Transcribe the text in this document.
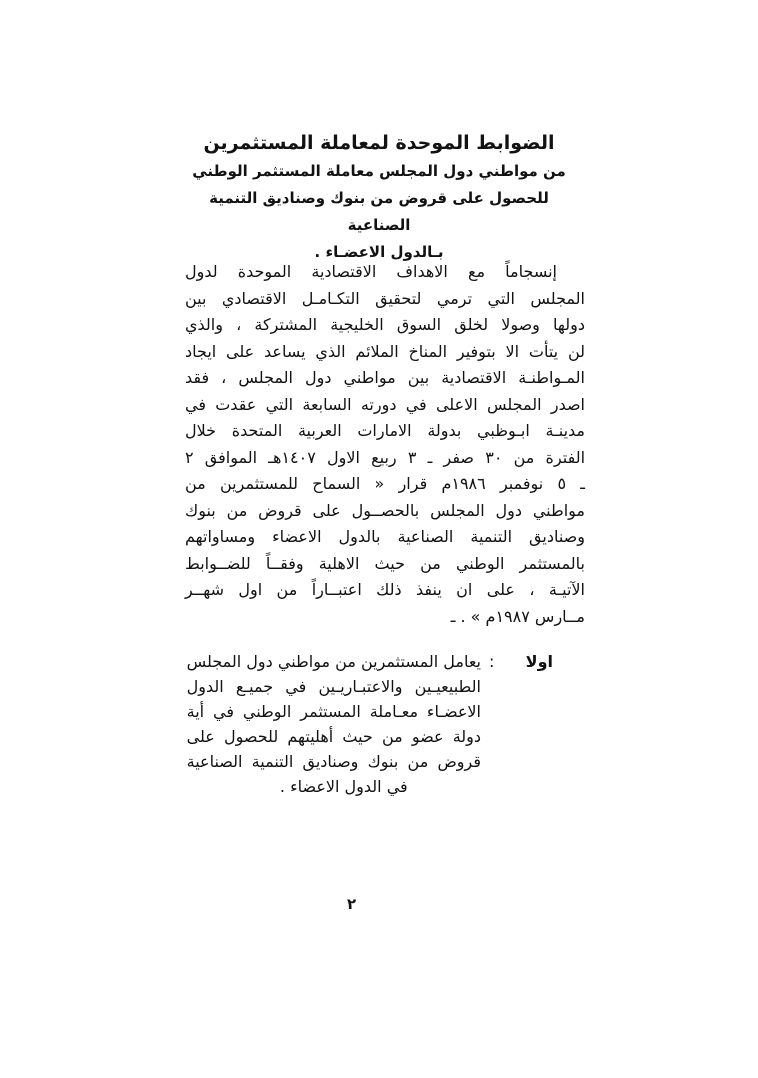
الضوابط الموحدة لمعاملة المستثمرين
من مواطني دول المجلس معاملة المستثمر الوطني
للحصول على قروض من بنوك وصناديق التنمية الصناعية
بـالدول الاعضـاء .
إنسجاماً مع الاهداف الاقتصادية الموحدة لدول
المجلس التي ترمي لتحقيق التكـامـل الاقتصادي بين
دولها وصولا لخلق السوق الخليجية المشتركة ، والذي
لن يتأت الا بتوفير المناخ الملائم الذي يساعد على ايجاد
المـواطنـة الاقتصادية بين مواطني دول المجلس ، فقد
اصدر المجلس الاعلى في دورته السابعة التي عقدت في
مدينـة ابـوظبي بدولة الامارات العربية المتحدة خلال
الفترة من ٣٠ صفر ـ ٣ ربيع الاول ١٤٠٧هـ الموافق ٢
ـ ٥ نوفمبر ١٩٨٦م قرار « السماح للمستثمرين من
مواطني دول المجلس بالحصــول على قروض من بنوك
وصناديق التنمية الصناعية بالدول الاعضاء ومساواتهم
بالمستثمر الوطني من حيث الاهلية وفقــاً للضــوابط
الآتيـة ، على ان ينفذ ذلك اعتبــاراً من اول شهــر
مــارس ١٩٨٧م » . ـ
اولا
:
يعامل المستثمرين من مواطني دول المجلس
الطبيعيـين والاعتبـاريـين في جميـع الدول
الاعضـاء معـاملة المستثمر الوطني في أية
دولة عضو من حيث أهليتهم للحصول على
قروض من بنوك وصناديق التنمية الصناعية
في الدول الاعضاء .
٢
